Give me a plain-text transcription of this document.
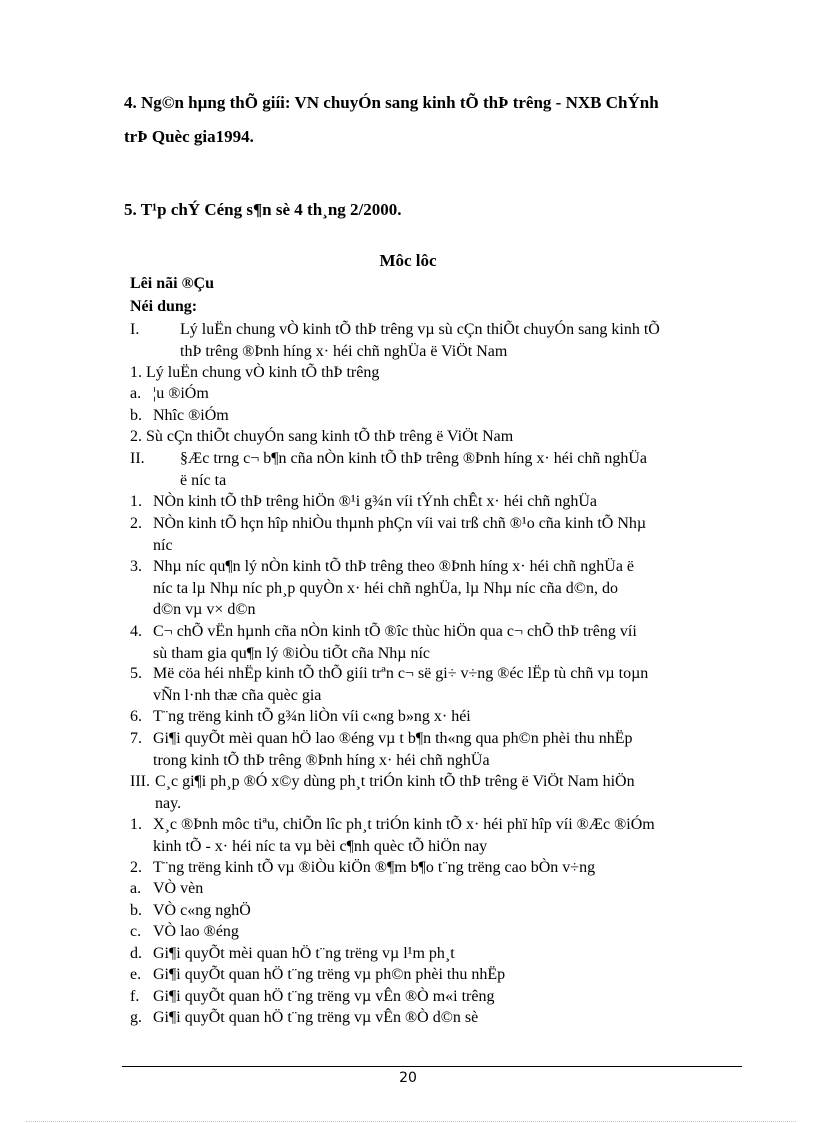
4. Ng©n hµng thÕ giíi: VN chuyÓn sang kinh tÕ thÞ trêng - NXB ChÝnh
trÞ Quèc gia1994.
5. T¹p chÝ Céng s¶n sè 4 th¸ng 2/2000.
Môc lôc
Lêi nãi ®Çu
Néi dung:
I.	Lý luËn chung vÒ kinh tÕ thÞ trêng vµ sù cÇn thiÕt chuyÓn sang kinh tÕ
thÞ trêng ®Þnh híng x· héi chñ nghÜa ë ViÖt Nam
1. Lý luËn chung vÒ kinh tÕ thÞ trêng
a. ¦u ®iÓm
b. Nhîc ®iÓm
2. Sù cÇn thiÕt chuyÓn sang kinh tÕ thÞ trêng ë ViÖt Nam
II. §Æc trng c¬ b¶n cña nÒn kinh tÕ thÞ trêng ®Þnh híng x· héi chñ nghÜa
ë níc ta
1. NÒn kinh tÕ thÞ trêng hiÖn ®¹i g¾n víi tÝnh chÊt x· héi chñ nghÜa
2. NÒn kinh tÕ hçn hîp nhiÒu thµnh phÇn víi vai trß chñ ®¹o cña kinh tÕ Nhµ
níc
3. Nhµ níc qu¶n lý nÒn kinh tÕ thÞ trêng theo ®Þnh híng x· héi chñ nghÜa ë
níc ta lµ Nhµ níc ph¸p quyÒn x· héi chñ nghÜa, lµ Nhµ níc cña d©n, do
d©n vµ v× d©n
4. C¬ chÕ vËn hµnh cña nÒn kinh tÕ ®îc thùc hiÖn qua c¬ chÕ thÞ trêng víi
sù tham gia qu¶n lý ®iÒu tiÕt cña Nhµ níc
5. Më cöa héi nhËp kinh tÕ thÕ giíi trªn c¬ së gi÷ v÷ng ®éc lËp tù chñ vµ toµn
vÑn l·nh thæ cña quèc gia
6. T¨ng trëng kinh tÕ g¾n liÒn víi c«ng b»ng x· héi
7. Gi¶i quyÕt mèi quan hÖ lao ®éng vµ t b¶n th«ng qua ph©n phèi thu nhËp
trong kinh tÕ thÞ trêng ®Þnh híng x· héi chñ nghÜa
III. C¸c gi¶i ph¸p ®Ó x©y dùng ph¸t triÓn kinh tÕ thÞ trêng ë ViÖt Nam hiÖn
nay.
1. X¸c ®Þnh môc tiªu, chiÕn lîc ph¸t triÓn kinh tÕ x· héi phï hîp víi ®Æc ®iÓm
kinh tÕ - x· héi níc ta vµ bèi c¶nh quèc tÕ hiÖn nay
2. T¨ng trëng kinh tÕ vµ ®iÒu kiÖn ®¶m b¶o t¨ng trëng cao bÒn v÷ng
a. VÒ vèn
b. VÒ c«ng nghÖ
c. VÒ lao ®éng
d. Gi¶i quyÕt mèi quan hÖ t¨ng trëng vµ l¹m ph¸t
e. Gi¶i quyÕt quan hÖ t¨ng trëng vµ ph©n phèi thu nhËp
f. Gi¶i quyÕt quan hÖ t¨ng trëng vµ vÊn ®Ò m«i trêng
g. Gi¶i quyÕt quan hÖ t¨ng trëng vµ vÊn ®Ò d©n sè
20
